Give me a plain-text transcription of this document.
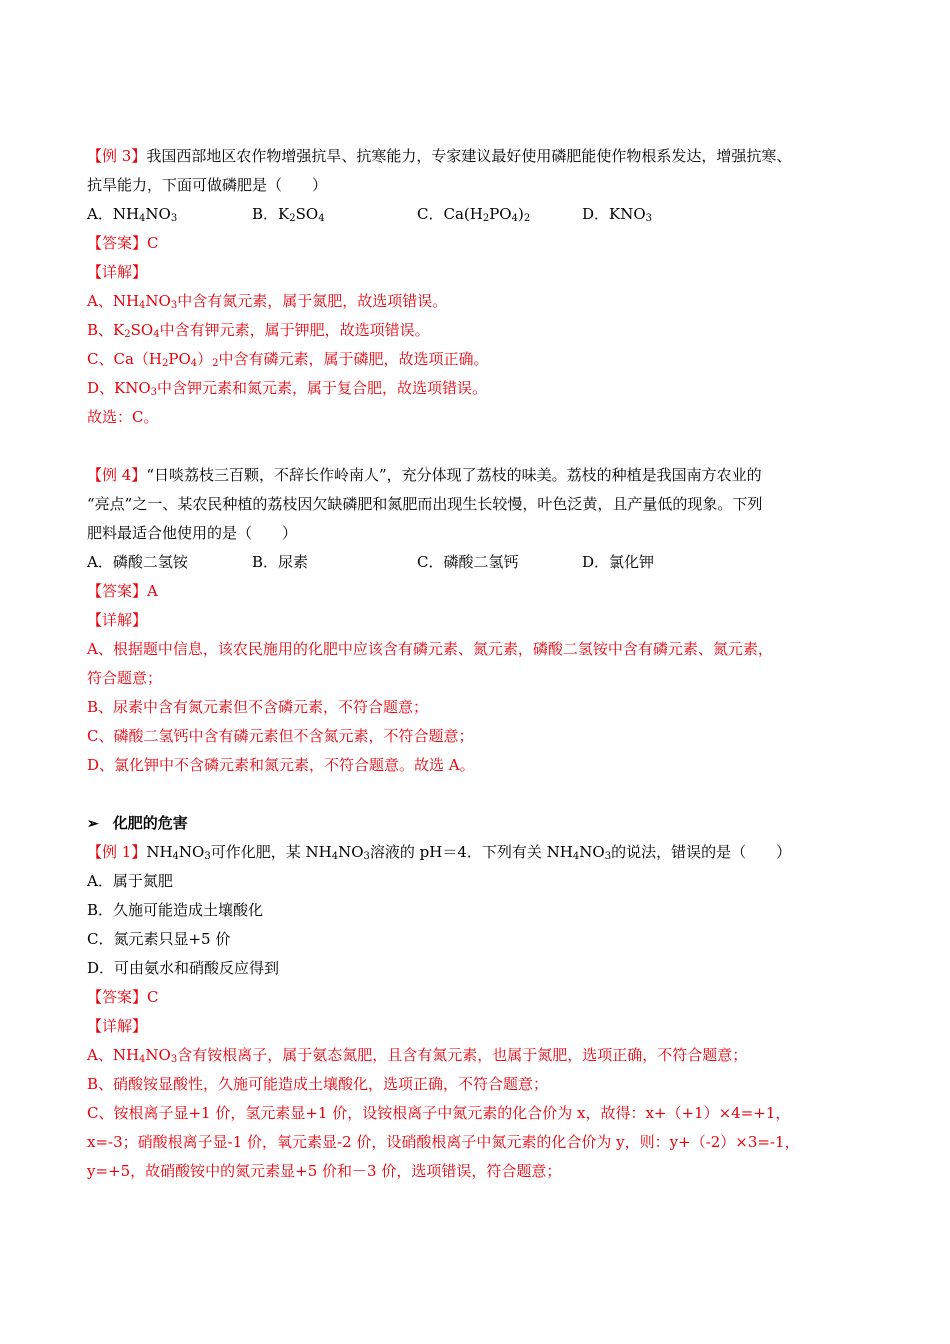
【例 3】我国西部地区农作物增强抗旱、抗寒能力，专家建议最好使用磷肥能使作物根系发达，增强抗寒、
抗旱能力，下面可做磷肥是（　　）
A．$NH_4NO_3$	B．$K_2SO_4$	C．$Ca(H_2PO_4)_2$	D．$KNO_3$
【答案】C
【详解】
A、$NH_4NO_3$中含有氮元素，属于氮肥，故选项错误。
B、$K_2SO_4$中含有钾元素，属于钾肥，故选项错误。
C、$Ca(H_2PO_4)_2$中含有磷元素，属于磷肥，故选项正确。
D、$KNO_3$中含钾元素和氮元素，属于复合肥，故选项错误。
故选：C。
【例 4】“日啖荔枝三百颗，不辞长作岭南人”，充分体现了荔枝的味美。荔枝的种植是我国南方农业的
“亮点”之一、某农民种植的荔枝因欠缺磷肥和氮肥而出现生长较慢，叶色泛黄，且产量低的现象。下列
肥料最适合他使用的是（　　）
A．磷酸二氢铵	B．尿素	C．磷酸二氢钙	D．氯化钾
【答案】A
【详解】
A、根据题中信息，该农民施用的化肥中应该含有磷元素、氮元素，磷酸二氢铵中含有磷元素、氮元素，
符合题意；
B、尿素中含有氮元素但不含磷元素，不符合题意；
C、磷酸二氢钙中含有磷元素但不含氮元素，不符合题意；
D、氯化钾中不含磷元素和氮元素，不符合题意。故选 A。
➢ 化肥的危害
【例 1】$NH_4NO_3$可作化肥，某 $NH_4NO_3$溶液的 pH＝4．下列有关 $NH_4NO_3$的说法，错误的是（　　）
A．属于氮肥
B．久施可能造成土壤酸化
C．氮元素只显+5 价
D．可由氨水和硝酸反应得到
【答案】C
【详解】
A、$NH_4NO_3$含有铵根离子，属于氨态氮肥，且含有氮元素，也属于氮肥，选项正确，不符合题意；
B、硝酸铵显酸性，久施可能造成土壤酸化，选项正确，不符合题意；
C、铵根离子显+1 价，氢元素显+1 价，设铵根离子中氮元素的化合价为 x，故得：x+（+1）×4=+1，
x=-3；硝酸根离子显-1 价，氧元素显-2 价，设硝酸根离子中氮元素的化合价为 y，则：y+（-2）×3=-1，
y=+5，故硝酸铵中的氮元素显+5 价和－3 价，选项错误，符合题意；
